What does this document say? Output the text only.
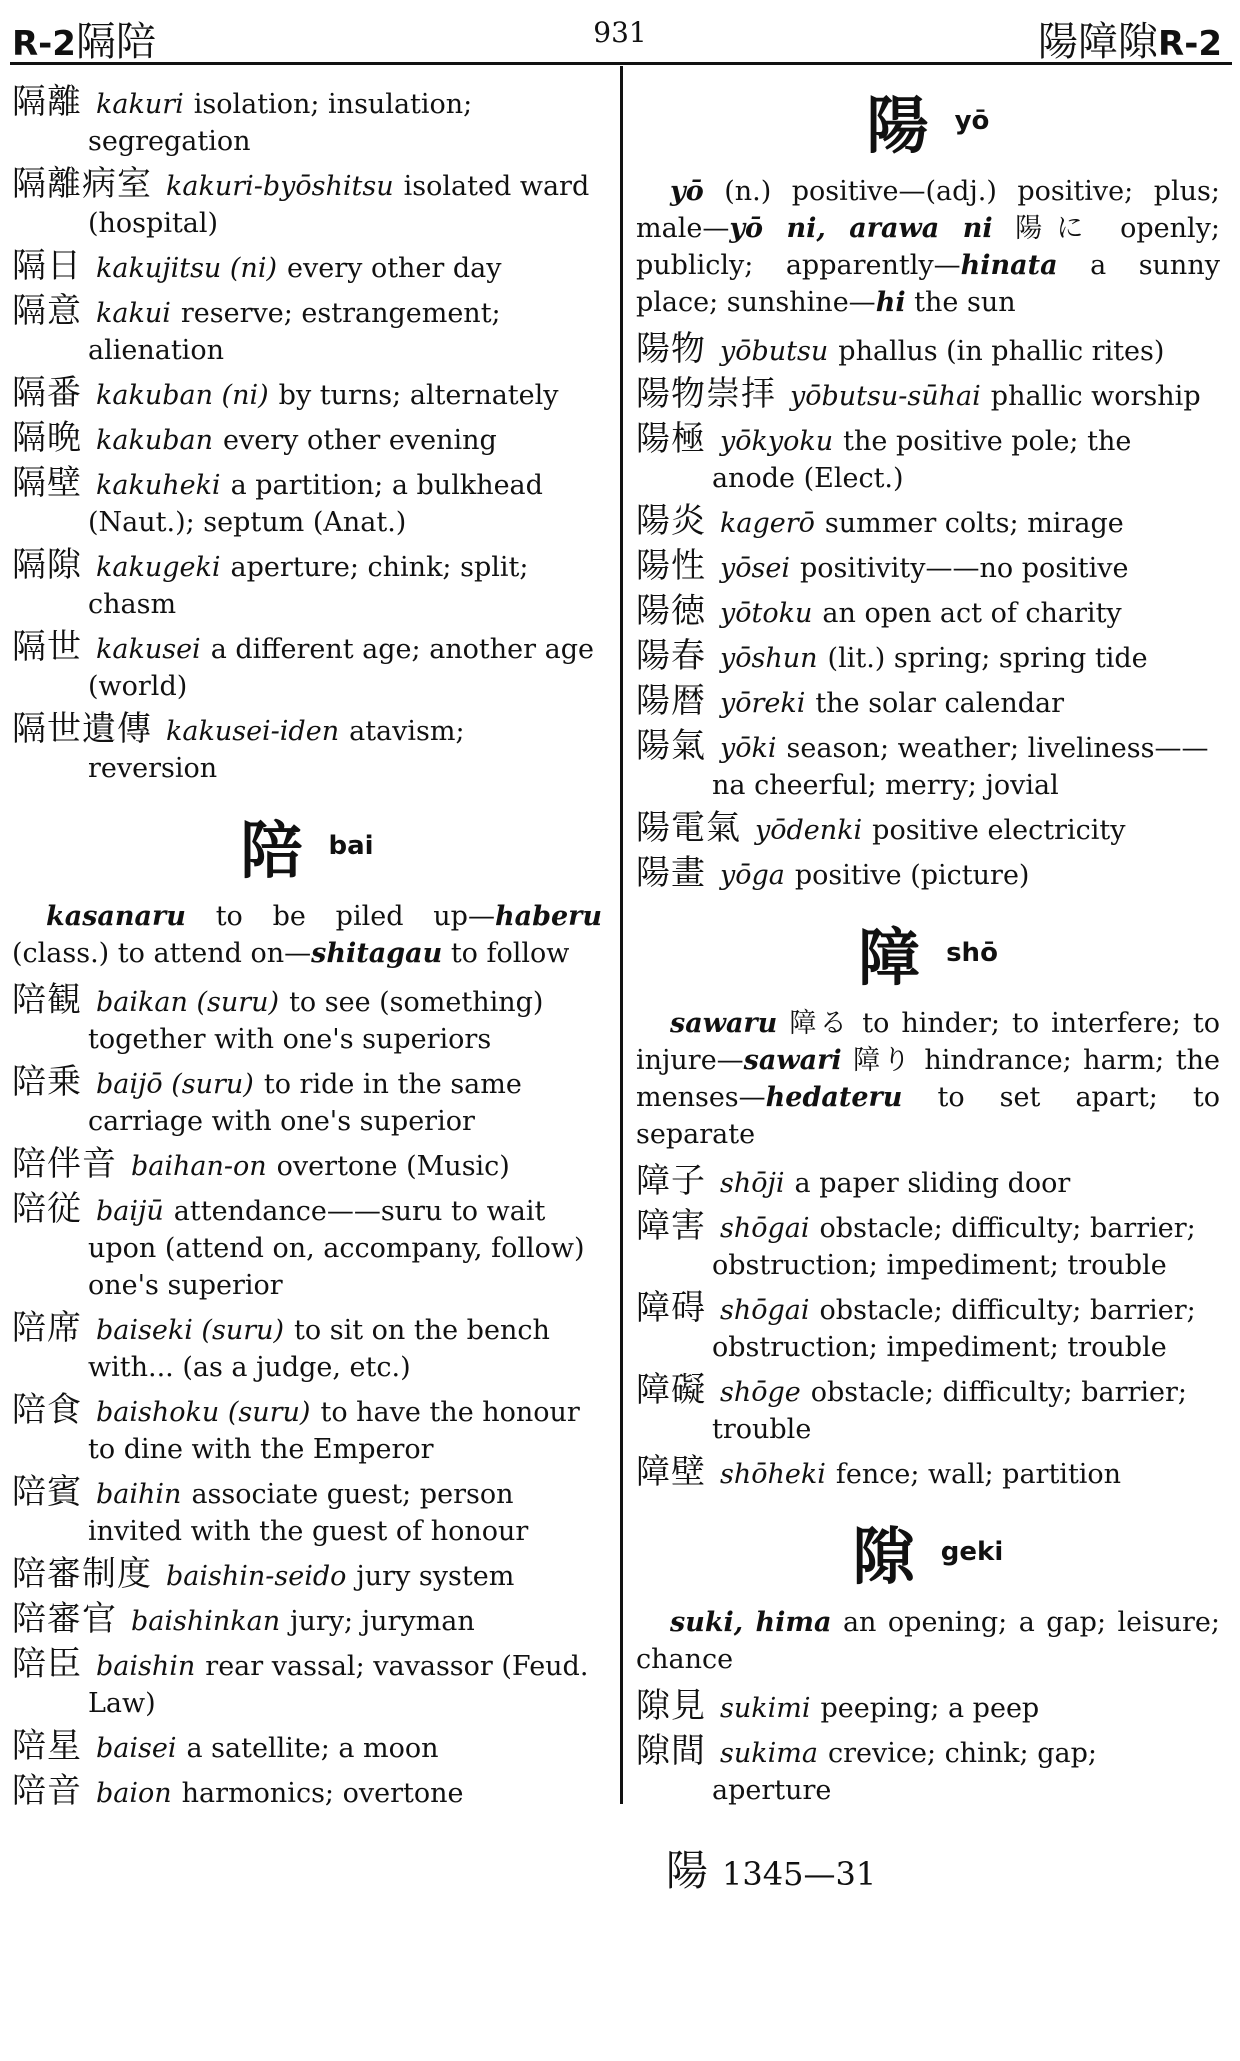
R-2隔陪	931	陽障隙R-2
隔離 kakuri isolation; insulation; segregation
隔離病室 kakuri-byōshitsu isolated ward (hospital)
隔日 kakujitsu (ni) every other day
隔意 kakui reserve; estrangement; alienation
隔番 kakuban (ni) by turns; alternately
隔晩 kakuban every other evening
隔壁 kakuheki a partition; a bulkhead (Naut.); septum (Anat.)
隔隙 kakugeki aperture; chink; split; chasm
隔世 kakusei a different age; another age (world)
隔世遺傳 kakusei-iden atavism; reversion
陪 bai
kasanaru to be piled up—haberu (class.) to attend on—shitagau to follow
陪観 baikan (suru) to see (something) together with one's superiors
陪乗 baijō (suru) to ride in the same carriage with one's superior
陪伴音 baihan-on overtone (Music)
陪従 baijū attendance——suru to wait upon (attend on, accompany, follow) one's superior
陪席 baiseki (suru) to sit on the bench with... (as a judge, etc.)
陪食 baishoku (suru) to have the honour to dine with the Emperor
陪賓 baihin associate guest; person invited with the guest of honour
陪審制度 baishin-seido jury system
陪審官 baishinkan jury; juryman
陪臣 baishin rear vassal; vavassor (Feud. Law)
陪星 baisei a satellite; a moon
陪音 baion harmonics; overtone
陽 yō
yō (n.) positive—(adj.) positive; plus; male—yō ni, arawa ni 陽に openly; publicly; apparently—hinata a sunny place; sunshine—hi the sun
陽物 yōbutsu phallus (in phallic rites)
陽物崇拝 yōbutsu-sūhai phallic worship
陽極 yōkyoku the positive pole; the anode (Elect.)
陽炎 kagerō summer colts; mirage
陽性 yōsei positivity——no positive
陽徳 yōtoku an open act of charity
陽春 yōshun (lit.) spring; spring tide
陽暦 yōreki the solar calendar
陽氣 yōki season; weather; liveliness——na cheerful; merry; jovial
陽電氣 yōdenki positive electricity
陽畫 yōga positive (picture)
障 shō
sawaru 障る to hinder; to interfere; to injure—sawari 障り hindrance; harm; the menses—hedateru to set apart; to separate
障子 shōji a paper sliding door
障害 shōgai obstacle; difficulty; barrier; obstruction; impediment; trouble
障碍 shōgai obstacle; difficulty; barrier; obstruction; impediment; trouble
障礙 shōge obstacle; difficulty; barrier; trouble
障壁 shōheki fence; wall; partition
隙 geki
suki, hima an opening; a gap; leisure; chance
隙見 sukimi peeping; a peep
隙間 sukima crevice; chink; gap; aperture
陽 1345—31
